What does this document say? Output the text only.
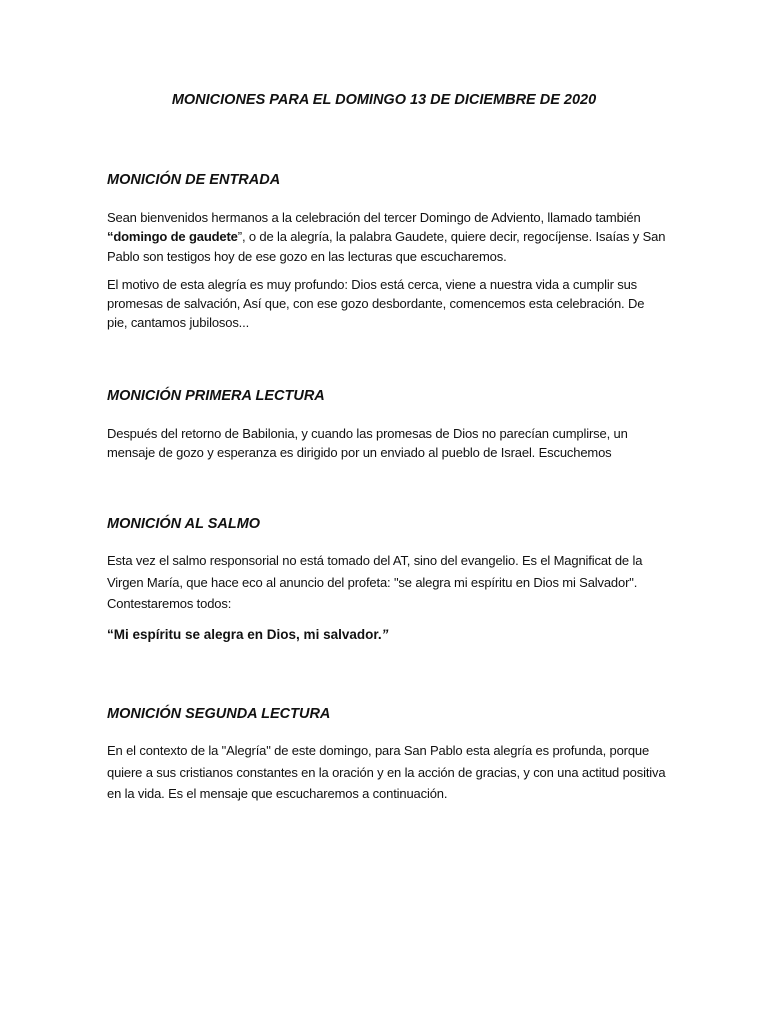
MONICIONES PARA EL DOMINGO 13 DE DICIEMBRE DE 2020
MONICIÓN DE ENTRADA

Sean bienvenidos hermanos a la celebración del tercer Domingo de Adviento, llamado también “domingo de gaudete”, o de la alegría, la palabra Gaudete, quiere decir, regocíjense. Isaías y San Pablo son testigos hoy de ese gozo en las lecturas que escucharemos.

El motivo de esta alegría es muy profundo: Dios está cerca, viene a nuestra vida a cumplir sus promesas de salvación, Así que, con ese gozo desbordante, comencemos esta celebración. De pie, cantamos jubilosos...

MONICIÓN PRIMERA LECTURA

Después del retorno de Babilonia, y cuando las promesas de Dios no parecían cumplirse, un mensaje de gozo y esperanza es dirigido por un enviado al pueblo de Israel. Escuchemos

MONICIÓN AL SALMO

Esta vez el salmo responsorial no está tomado del AT, sino del evangelio. Es el Magnificat de la Virgen María, que hace eco al anuncio del profeta: "se alegra mi espíritu en Dios mi Salvador". Contestaremos todos:

“Mi espíritu se alegra en Dios, mi salvador.”

MONICIÓN SEGUNDA LECTURA

En el contexto de la "Alegría" de este domingo, para San Pablo esta alegría es profunda, porque quiere a sus cristianos constantes en la oración y en la acción de gracias, y con una actitud positiva en la vida. Es el mensaje que escucharemos a continuación.
